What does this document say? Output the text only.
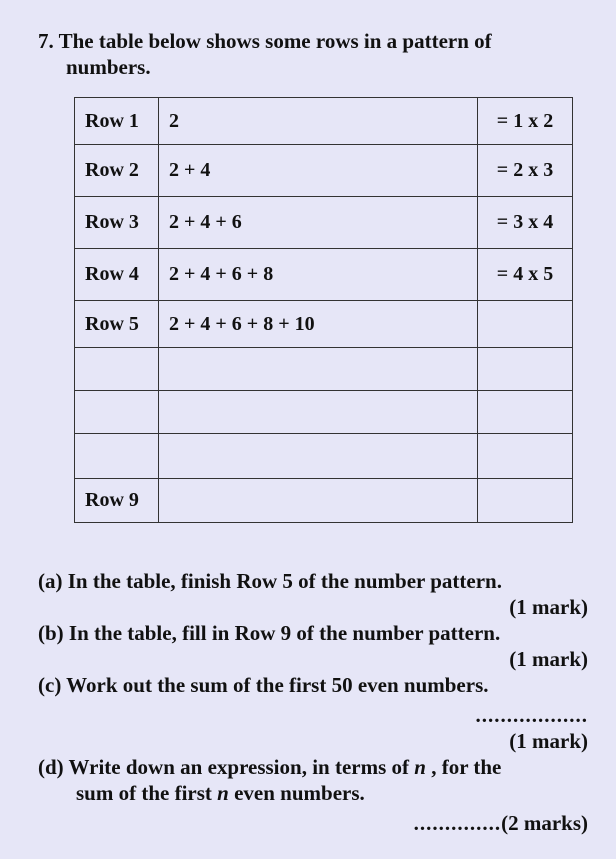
7. The table below shows some rows in a pattern of
numbers.
Row 1	2	= 1 x 2
Row 2	2 + 4	= 2 x 3
Row 3	2 + 4 + 6	= 3 x 4
Row 4	2 + 4 + 6 + 8	= 4 x 5
Row 5	2 + 4 + 6 + 8 + 10	

Row 9		

(a) In the table, finish Row 5 of the number pattern.

(1 mark)

(b) In the table, fill in Row 9 of the number pattern.

(1 mark)

(c) Work out the sum of the first 50 even numbers.

..................

(1 mark)

(d) Write down an expression, in terms of n , for the

sum of the first n even numbers.

..............(2 marks)
